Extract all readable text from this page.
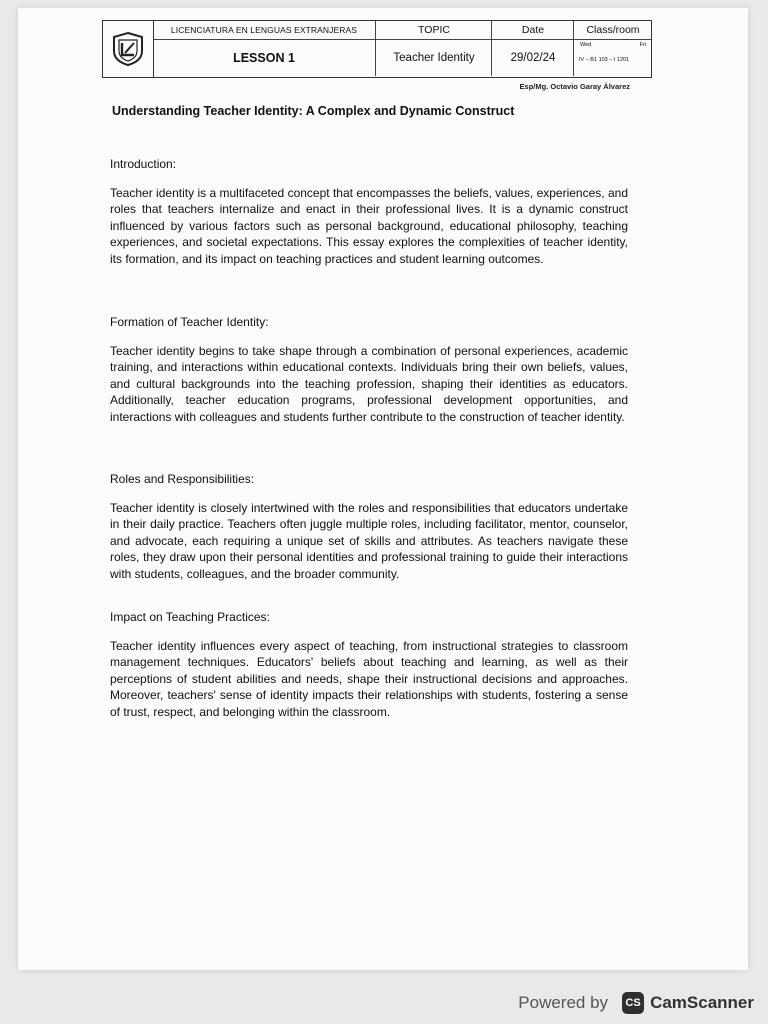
LICENCIATURA EN LENGUAS EXTRANJERAS
LESSON 1
TOPIC
Teacher Identity
Date
29/02/24
Class/room
Wed	Fri
IV – B1 103 – I 1201
Esp/Mg. Octavio Garay Álvarez
Understanding Teacher Identity: A Complex and Dynamic Construct
Introduction:

Teacher identity is a multifaceted concept that encompasses the beliefs, values, experiences, and roles that teachers internalize and enact in their professional lives. It is a dynamic construct influenced by various factors such as personal background, educational philosophy, teaching experiences, and societal expectations. This essay explores the complexities of teacher identity, its formation, and its impact on teaching practices and student learning outcomes.

Formation of Teacher Identity:

Teacher identity begins to take shape through a combination of personal experiences, academic training, and interactions within educational contexts. Individuals bring their own beliefs, values, and cultural backgrounds into the teaching profession, shaping their identities as educators. Additionally, teacher education programs, professional development opportunities, and interactions with colleagues and students further contribute to the construction of teacher identity.

Roles and Responsibilities:

Teacher identity is closely intertwined with the roles and responsibilities that educators undertake in their daily practice. Teachers often juggle multiple roles, including facilitator, mentor, counselor, and advocate, each requiring a unique set of skills and attributes. As teachers navigate these roles, they draw upon their personal identities and professional training to guide their interactions with students, colleagues, and the broader community.

Impact on Teaching Practices:

Teacher identity influences every aspect of teaching, from instructional strategies to classroom management techniques. Educators' beliefs about teaching and learning, as well as their perceptions of student abilities and needs, shape their instructional decisions and approaches. Moreover, teachers' sense of identity impacts their relationships with students, fostering a sense of trust, respect, and belonging within the classroom.

Powered by	CS CamScanner
